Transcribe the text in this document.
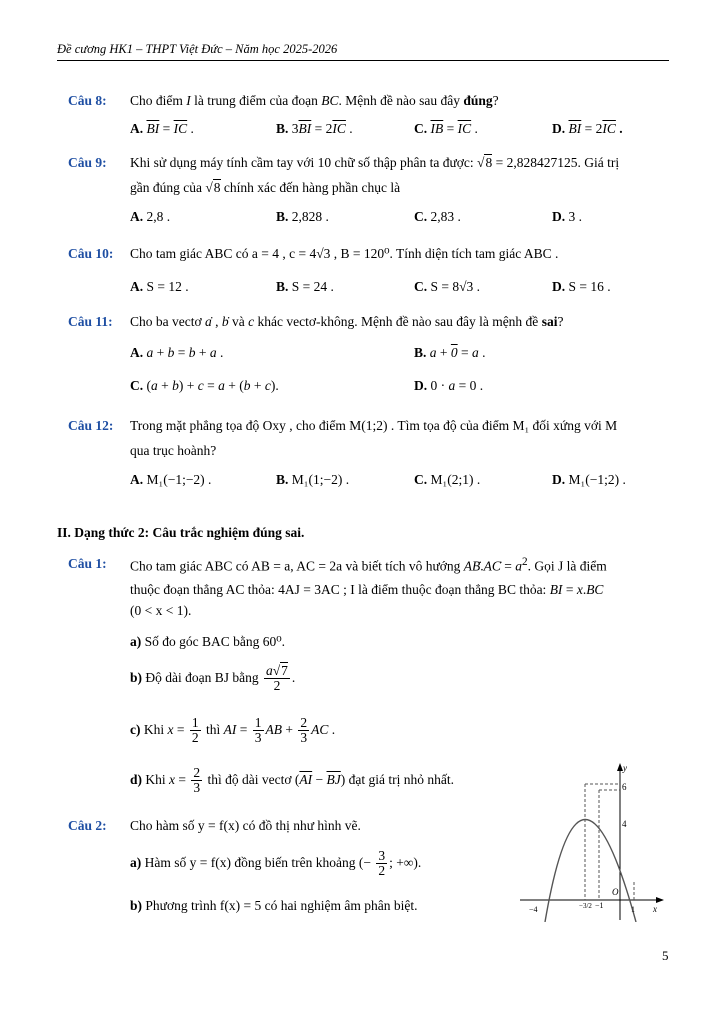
Đề cương HK1 – THPT Việt Đức – Năm học 2025-2026
Câu 8: Cho điểm I là trung điểm của đoạn BC. Mệnh đề nào sau đây đúng?
A. $\overline{BI} = \overline{IC}$ .	B. $3\overline{BI} = 2\overline{IC}$ .	C. $\overline{IB} = \overline{IC}$ .	D. $\overline{BI} = 2\overline{IC}$ .
Câu 9: Khi sử dụng máy tính cầm tay với 10 chữ số thập phân ta được: √8 = 2,828427125. Giá trị
gần đúng của √8 chính xác đến hàng phần chục là
A. 2,8 .	B. 2,828 .	C. 2,83 .	D. 3 .
Câu 10: Cho tam giác ABC có a = 4 , c = 4√3 , B = 120⁰. Tính diện tích tam giác ABC .
A. S = 12 .	B. S = 24 .	C. S = 8√3 .	D. S = 16 .
Câu 11: Cho ba vectơ ȧ , ḃ và c khác vectơ-không. Mệnh đề nào sau đây là mệnh đề sai?
A. a + b = b + a .	B. a + 0 = a .
C. (a + b) + c = a + (b + c).	D. 0 · a = 0 .
Câu 12: Trong mặt phẳng tọa độ Oxy , cho điểm M(1;2) . Tìm tọa độ của điểm M₁ đối xứng với M
qua trục hoành?
A. M₁(−1;−2) .	B. M₁(1;−2) .	C. M₁(2;1) .	D. M₁(−1;2) .
II. Dạng thức 2: Câu trắc nghiệm đúng sai.
Câu 1: Cho tam giác ABC có AB = a, AC = 2a và biết tích vô hướng AḂ.AĊ = $a^2$. Gọi J là điểm
thuộc đoạn thẳng AC thỏa: 4AJ = 3AC ; I là điểm thuộc đoạn thẳng BC thỏa: BI = x.BC
(0 < x < 1).
a) Số đo góc BAC bằng 60⁰.
b) Độ dài đoạn BJ bằng $\frac{a√7}{2}$ .
c) Khi $x = \frac{1}{2}$ thì AI = $\frac{1}{3}$ AB + $\frac{2}{3}$ AC .
d) Khi $x = \frac{2}{3}$ thì độ dài vectơ $(\overline{AI} - \overline{BJ})$ đạt giá trị nhỏ nhất.
Câu 2: Cho hàm số y = f(x) có đồ thị như hình vẽ.
a) Hàm số y = f(x) đồng biến trên khoảng (− $\frac{3}{2}$ ; +∞).
b) Phương trình f(x) = 5 có hai nghiệm âm phân biệt.
y
x
O
6
4
−4	−3/2 −1	1
5
